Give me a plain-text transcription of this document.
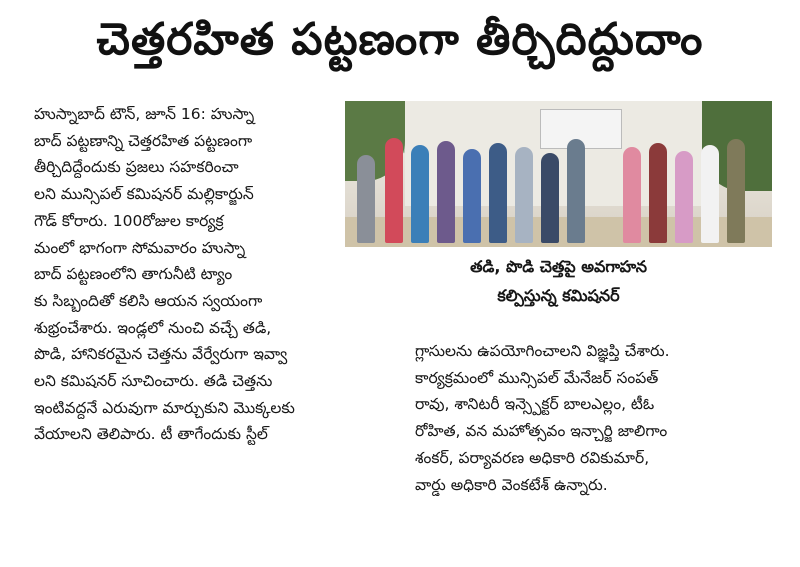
చెత్తరహిత పట్టణంగా తీర్చిదిద్దుదాం
హుస్నాబాద్ టౌన్, జూన్ 16: హుస్నా
బాద్ పట్టణాన్ని చెత్తరహిత పట్టణంగా
తీర్చిదిద్దేందుకు ప్రజలు సహకరించా
లని మున్సిపల్ కమిషనర్ మల్లికార్జున్
గౌడ్ కోరారు. 100రోజుల కార్యక్ర
మంలో భాగంగా సోమవారం హుస్నా
బాద్ పట్టణంలోని తాగునీటి ట్యాం
కు సిబ్బందితో కలిసి ఆయన స్వయంగా
శుభ్రంచేశారు. ఇండ్లలో నుంచి వచ్చే తడి,
పొడి, హానికరమైన చెత్తను వేర్వేరుగా ఇవ్వా
లని కమిషనర్ సూచించారు. తడి చెత్తను
ఇంటివద్దనే ఎరువుగా మార్చుకుని మొక్కలకు
వేయాలని తెలిపారు. టీ తాగేందుకు స్టీల్
తడి, పొడి చెత్తపై అవగాహన
కల్పిస్తున్న కమిషనర్
గ్లాసులను ఉపయోగించాలని విజ్ఞప్తి చేశారు.
కార్యక్రమంలో మున్సిపల్ మేనేజర్ సంపత్
రావు, శానిటరీ ఇన్స్పెక్టర్ బాలఎల్లం, టీఓ
రోహిత, వన మహోత్సవం ఇన్చార్జి జాలిగాం
శంకర్, పర్యావరణ అధికారి రవికుమార్,
వార్డు అధికారి వెంకటేశ్ ఉన్నారు.
